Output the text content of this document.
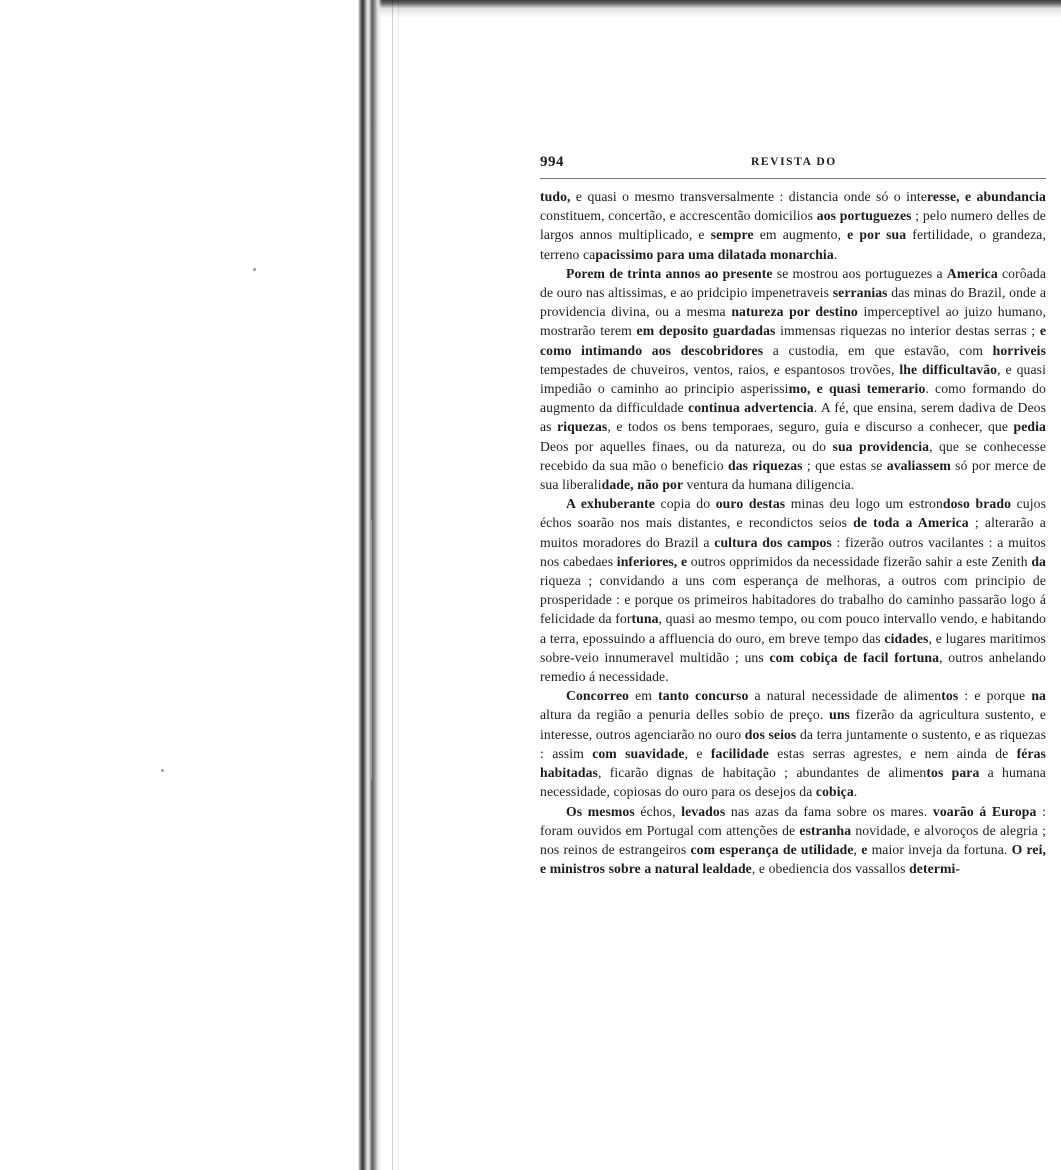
994	REVISTA DO

tudo, e quasi o mesmo transversalmente : distancia onde só o interesse, e abundancia constituem, concertão, e accrescentão domicilios aos portuguezes ; pelo numero delles de largos annos multiplicado, e sempre em augmento, e por sua fertilidade, o grandeza, terreno capacissimo para uma dilatada monarchia.

Porem de trinta annos ao presente se mostrou aos portuguezes a America corôada de ouro nas altissimas, e ao pridcipio impenetraveis serranias das minas do Brazil, onde a providencia divina, ou a mesma natureza por destino imperceptivel ao juizo humano, mostrarão terem em deposito guardadas immensas riquezas no interior destas serras ; e como intimando aos descobridores a custodia, em que estavão, com horriveis tempestades de chuveiros, ventos, raios, e espantosos trovões, lhe difficultavão, e quasi impedião o caminho ao principio asperissimo, e quasi temerario. como formando do augmento da difficuldade continua advertencia. A fé, que ensina, serem dadiva de Deos as riquezas, e todos os bens temporaes, seguro, guia e discurso a conhecer, que pedia Deos por aquelles finaes, ou da natureza, ou do sua providencia, que se conhecesse recebido da sua mão o beneficio das riquezas ; que estas se avaliassem só por merce de sua liberalidade, não por ventura da humana diligencia.

A exhuberante copia do ouro destas minas deu logo um estrondoso brado cujos échos soarão nos mais distantes, e recondictos seios de toda a America ; alterarão a muitos moradores do Brazil a cultura dos campos : fizerão outros vacilantes : a muitos nos cabedaes inferiores, e outros opprimidos da necessidade fizerão sahir a este Zenith da riqueza ; convidando a uns com esperança de melhoras, a outros com principio de prosperidade : e porque os primeiros habitadores do trabalho do caminho passarão logo á felicidade da fortuna, quasi ao mesmo tempo, ou com pouco intervallo vendo, e habitando a terra, epossuindo a affluencia do ouro, em breve tempo das cidades, e lugares maritimos sobre-veio innumeravel multidão ; uns com cobiça de facil fortuna, outros anhelando remedio á necessidade.

Concorreo em tanto concurso a natural necessidade de alimentos : e porque na altura da região a penuria delles sobio de preço. uns fizerão da agricultura sustento, e interesse, outros agenciarão no ouro dos seios da terra juntamente o sustento, e as riquezas : assim com suavidade, e facilidade estas serras agrestes, e nem ainda de féras habitadas, ficarão dignas de habitação ; abundantes de alimentos para a humana necessidade, copiosas do ouro para os desejos da cobiça.

Os mesmos échos, levados nas azas da fama sobre os mares. voarão á Europa : foram ouvidos em Portugal com attenções de estranha novidade, e alvoroços de alegria ; nos reinos de estrangeiros com esperança de utilidade, e maior inveja da fortuna. O rei, e ministros sobre a natural lealdade, e obediencia dos vassallos determi-
